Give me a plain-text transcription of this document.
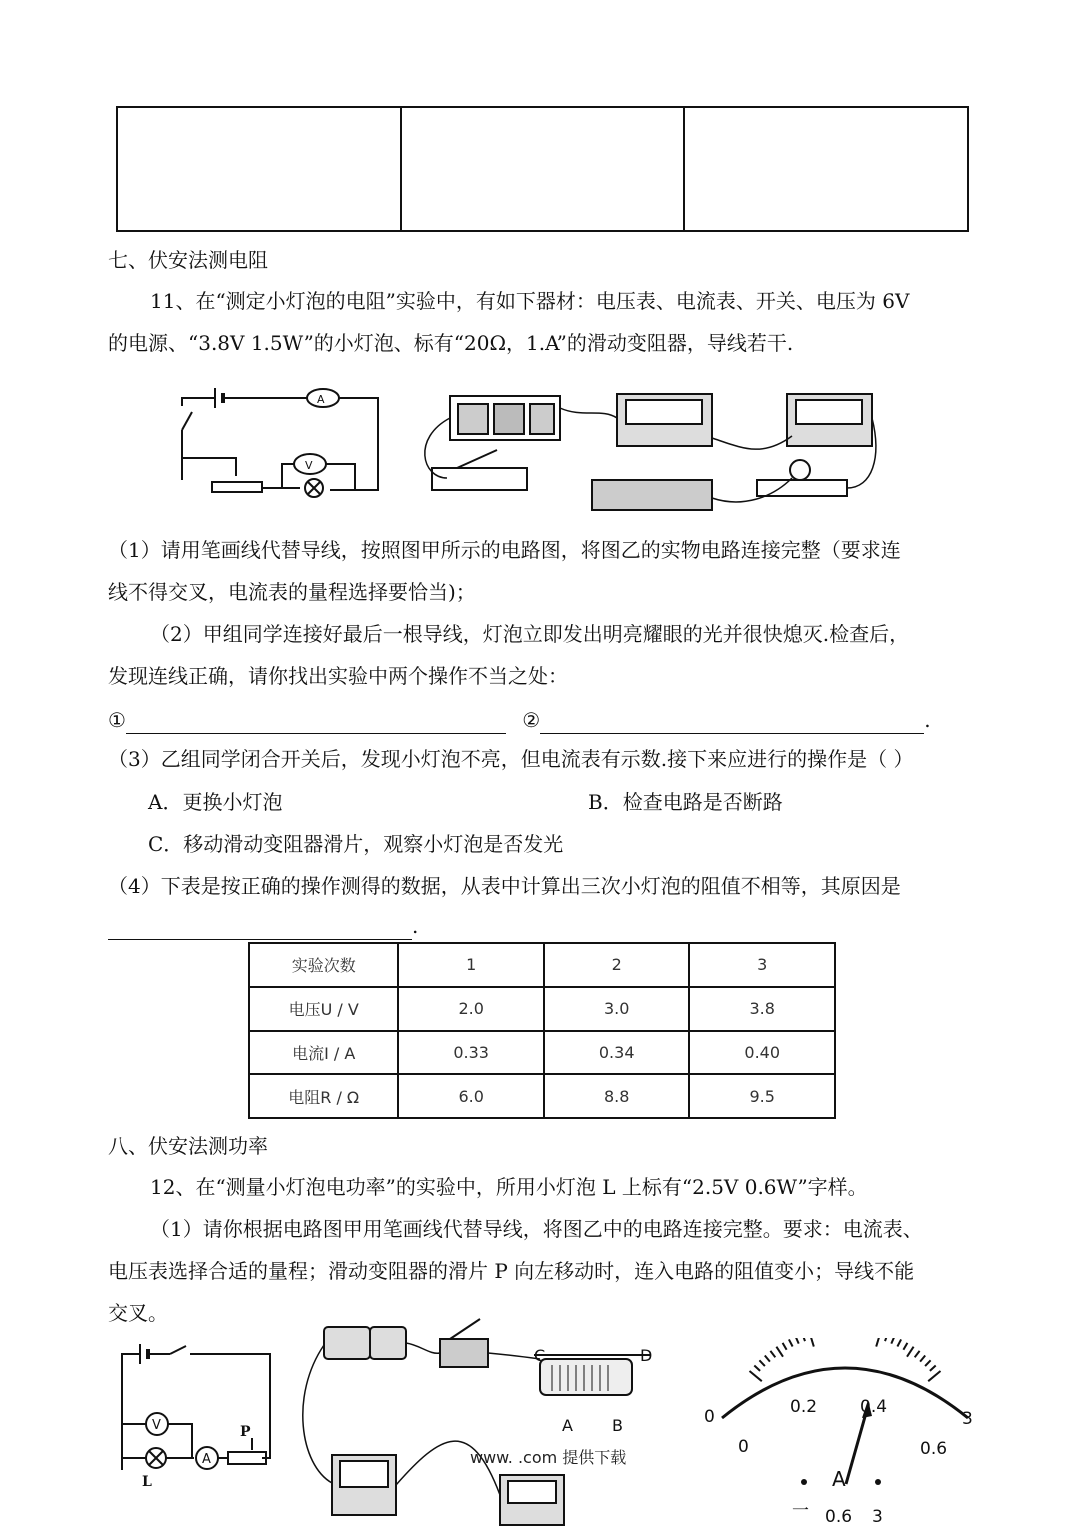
七、伏安法测电阻
11、在“测定小灯泡的电阻”实验中，有如下器材：电压表、电流表、开关、电压为 6V
的电源、“3.8V 1.5W”的小灯泡、标有“20Ω，1.A”的滑动变阻器，导线若干.
A
V
（1）请用笔画线代替导线，按照图甲所示的电路图，将图乙的实物电路连接完整（要求连
线不得交叉，电流表的量程选择要恰当)；
（2）甲组同学连接好最后一根导线，灯泡立即发出明亮耀眼的光并很快熄灭.检查后，
发现连线正确，请你找出实验中两个操作不当之处：
①	②	.
（3）乙组同学闭合开关后，发现小灯泡不亮，但电流表有示数.接下来应进行的操作是（ ）
A．更换小灯泡	B．检查电路是否断路
C．移动滑动变阻器滑片，观察小灯泡是否发光
（4）下表是按正确的操作测得的数据，从表中计算出三次小灯泡的阻值不相等，其原因是
.
实验次数	1	2	3
电压U / V	2.0	3.0	3.8
电流I / A	0.33	0.34	0.40
电阻R / Ω	6.0	8.8	9.5
八、伏安法测功率
12、在“测量小灯泡电功率”的实验中，所用小灯泡 L 上标有“2.5V 0.6W”字样。
（1）请你根据电路图甲用笔画线代替导线，将图乙中的电路连接完整。要求：电流表、
电压表选择合适的量程；滑动变阻器的滑片 P 向左移动时，连入电路的阻值变小；导线不能
交叉。
V
A
L
P
C	D
A B	0	0.2	0.4
3
0	0.6
A
一 0.6 3
www. .com 提供下载
